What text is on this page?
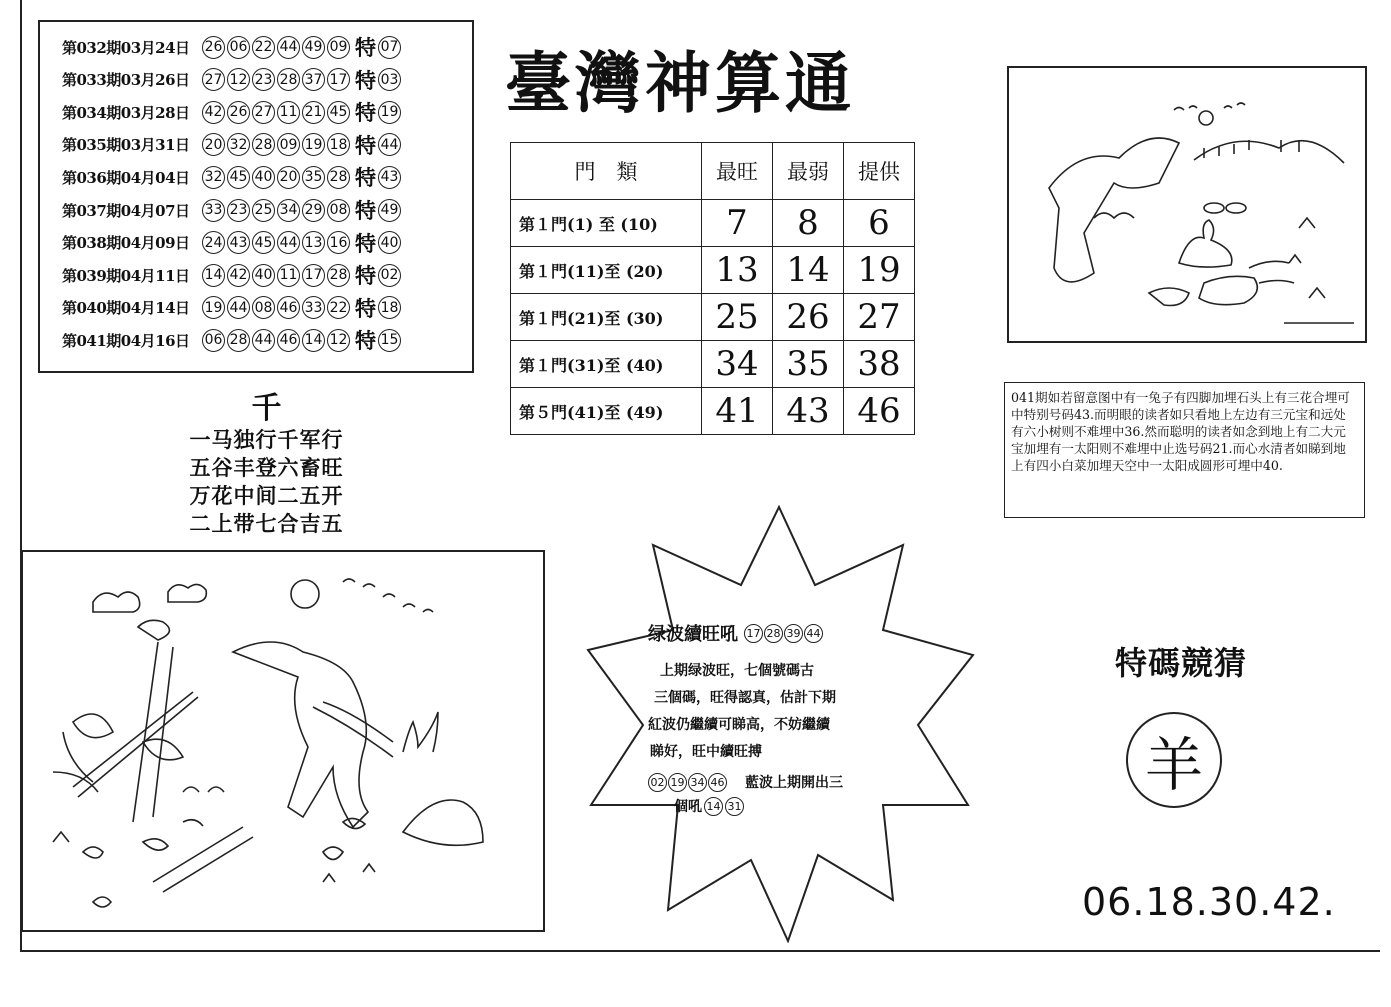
第032期03月24日	26 06 22 44 49 09 特 07
第033期03月26日	27 12 23 28 37 17 特 03
第034期03月28日	42 26 27 11 21 45 特 19
第035期03月31日	20 32 28 09 19 18 特 44
第036期04月04日	32 45 40 20 35 28 特 43
第037期04月07日	33 23 25 34 29 08 特 49
第038期04月09日	24 43 45 44 13 16 特 40
第039期04月11日	14 42 40 11 17 28 特 02
第040期04月14日	19 44 08 46 33 22 特 18
第041期04月16日	06 28 44 46 14 12 特 15
臺灣神算通
門　類	最旺	最弱	提供
第１門(1) 至 (10)	7	8	6
第１門(11)至 (20)	13	14	19
第１門(21)至 (30)	25	26	27
第１門(31)至 (40)	34	35	38
第５門(41)至 (49)	41	43	46
千
一马独行千军行
五谷丰登六畜旺
万花中间二五开
二上带七合吉五
041期如若留意图中有一兔子有四脚加埋石头上有三花合埋可中特别号码43.而明眼的读者如只看地上左边有三元宝和远处有六小树则不难埋中36.然而聪明的读者如念到地上有二大元宝加埋有一太阳则不难埋中止选号码21.而心水清者如睇到地上有四小白菜加埋天空中一太阳成圆形可埋中40.
绿波續旺吼 17 28 39 44
上期绿波旺，七個號碼古
三個碼，旺得認真，估計下期
紅波仍繼續可睇高，不妨繼續
睇好，旺中續旺搏
02 19 34 46 藍波上期開出三
個吼 14 31
特碼競猜
羊
06.18.30.42.
